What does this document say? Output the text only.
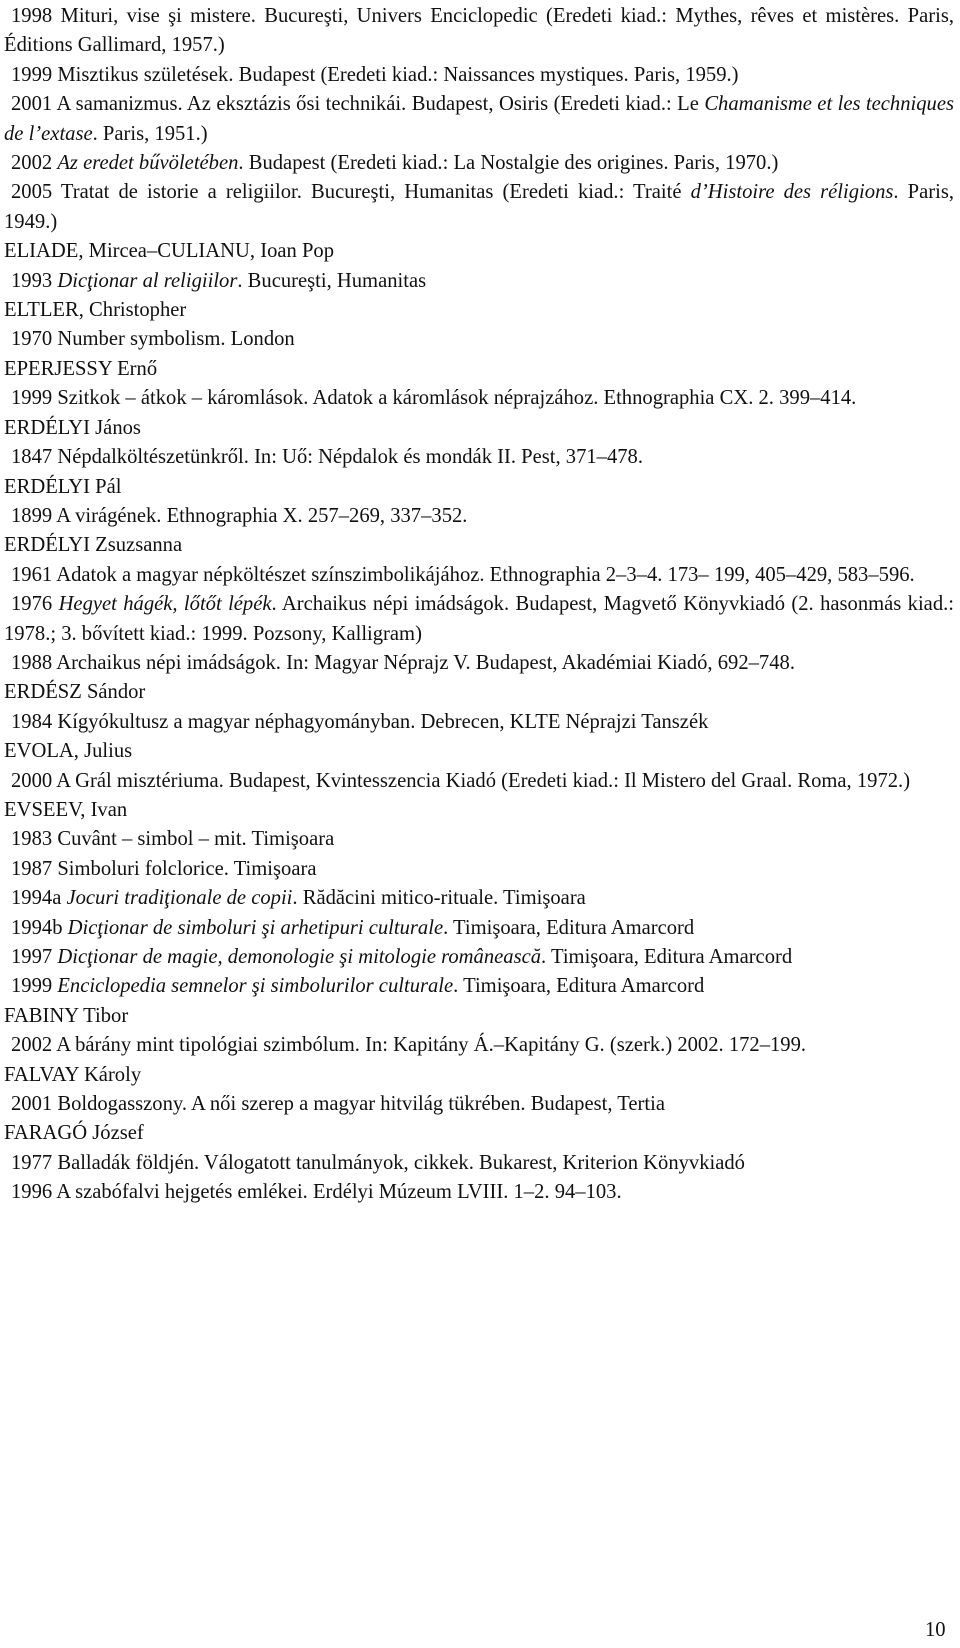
1998 Mituri, vise şi mistere. Bucureşti, Univers Enciclopedic (Eredeti kiad.: Mythes, rêves et mistères. Paris, Éditions Gallimard, 1957.)
1999 Misztikus születések. Budapest (Eredeti kiad.: Naissances mystiques. Paris, 1959.)
2001 A samanizmus. Az eksztázis ősi technikái. Budapest, Osiris (Eredeti kiad.: Le Chamanisme et les techniques de l’extase. Paris, 1951.)
2002 Az eredet bűvöletében. Budapest (Eredeti kiad.: La Nostalgie des origines. Paris, 1970.)
2005 Tratat de istorie a religiilor. Bucureşti, Humanitas (Eredeti kiad.: Traité d’Histoire des réligions. Paris, 1949.)
ELIADE, Mircea–CULIANU, Ioan Pop
1993 Dicţionar al religiilor. Bucureşti, Humanitas
ELTLER, Christopher
1970 Number symbolism. London
EPERJESSY Ernő
1999 Szitkok – átkok – káromlások. Adatok a káromlások néprajzához. Ethnographia CX. 2. 399–414.
ERDÉLYI János
1847 Népdalköltészetünkről. In: Uő: Népdalok és mondák II. Pest, 371–478.
ERDÉLYI Pál
1899 A virágének. Ethnographia X. 257–269, 337–352.
ERDÉLYI Zsuzsanna
1961 Adatok a magyar népköltészet színszimbolikájához. Ethnographia 2–3–4. 173– 199, 405–429, 583–596.
1976 Hegyet hágék, lőtőt lépék. Archaikus népi imádságok. Budapest, Magvető Könyvkiadó (2. hasonmás kiad.: 1978.; 3. bővített kiad.: 1999. Pozsony, Kalligram)
1988 Archaikus népi imádságok. In: Magyar Néprajz V. Budapest, Akadémiai Kiadó, 692–748.
ERDÉSZ Sándor
1984 Kígyókultusz a magyar néphagyományban. Debrecen, KLTE Néprajzi Tanszék
EVOLA, Julius
2000 A Grál misztériuma. Budapest, Kvintesszencia Kiadó (Eredeti kiad.: Il Mistero del Graal. Roma, 1972.)
EVSEEV, Ivan
1983 Cuvânt – simbol – mit. Timişoara
1987 Simboluri folclorice. Timişoara
1994a Jocuri tradiţionale de copii. Rădăcini mitico-rituale. Timişoara
1994b Dicţionar de simboluri şi arhetipuri culturale. Timişoara, Editura Amarcord
1997 Dicţionar de magie, demonologie şi mitologie românească. Timişoara, Editura Amarcord
1999 Enciclopedia semnelor şi simbolurilor culturale. Timişoara, Editura Amarcord
FABINY Tibor
2002 A bárány mint tipológiai szimbólum. In: Kapitány Á.–Kapitány G. (szerk.) 2002. 172–199.
FALVAY Károly
2001 Boldogasszony. A női szerep a magyar hitvilág tükrében. Budapest, Tertia
FARAGÓ József
1977 Balladák földjén. Válogatott tanulmányok, cikkek. Bukarest, Kriterion Könyvkiadó
1996 A szabófalvi hejgetés emlékei. Erdélyi Múzeum LVIII. 1–2. 94–103.
10
